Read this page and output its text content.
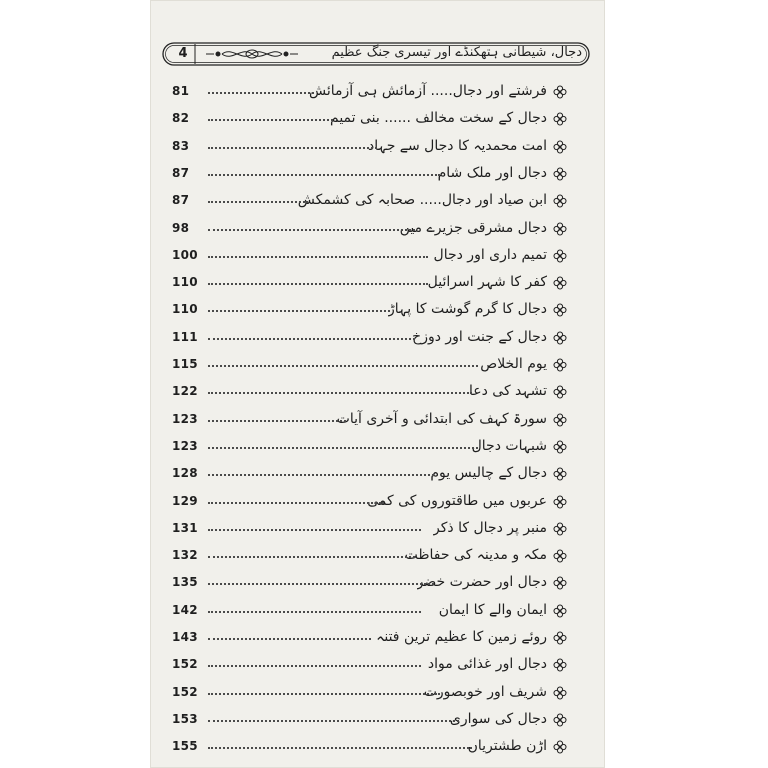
4	دجال، شیطانی ہتھکنڈے اور تیسری جنگ عظیم
فرشتے اور دجال..... آزمائش ہی آزمائش
81
دجال کے سخت مخالف ...... بنی تمیم
82
امت محمدیہ کا دجال سے جہاد
83
دجال اور ملک شام
87
ابن صیاد اور دجال..... صحابہ کی کشمکش
87
دجال مشرقی جزیرے میں
98
تمیم داری اور دجال
100
کفر کا شہر اسرائیل
110
دجال کا گرم گوشت کا پہاڑ
110
دجال کے جنت اور دوزخ
111
یوم الخلاص
115
تشہد کی دعا
122
سورۃ کہف کی ابتدائی و آخری آیات
123
شبہات دجال
123
دجال کے چالیس یوم
128
عربوں میں طاقتوروں کی کمی
129
منبر پر دجال کا ذکر
131
مکہ و مدینہ کی حفاظت
132
دجال اور حضرت خضر
135
ایمان والے کا ایمان
142
روئے زمین کا عظیم ترین فتنہ
143
دجال اور غذائی مواد
152
شریف اور خوبصورت
152
دجال کی سواری
153
اڑن طشتریاں
155
